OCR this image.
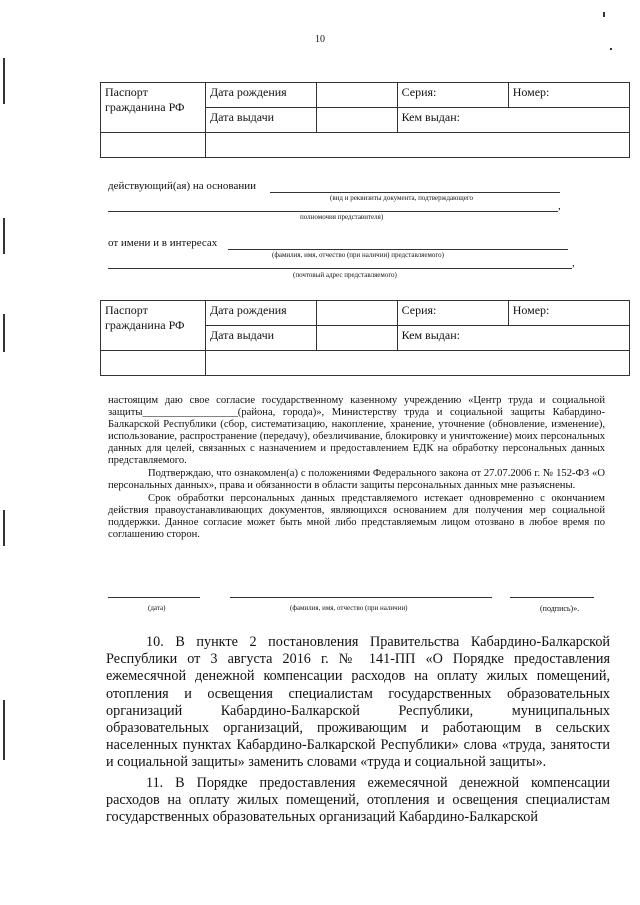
10
Паспорт гражданина РФ	Дата рождения		Серия:	Номер:
	Дата выдачи		Кем выдан:	

действующий(ая) на основании
(вид и реквизиты документа, подтверждающего
,
полномочия представителя)
от имени и в интересах
(фамилия, имя, отчество (при наличии) представляемого)
,
(почтовый адрес представляемого)
Паспорт гражданина РФ	Дата рождения		Серия:	Номер:
	Дата выдачи		Кем выдан:	

настоящим даю свое согласие государственному казенному учреждению «Центр труда и социальной защиты__________________(района, города)», Министерству труда и социальной защиты Кабардино-Балкарской Республики (сбор, систематизацию, накопление, хранение, уточнение (обновление, изменение), использование, распространение (передачу), обезличивание, блокировку и уничтожение) моих персональных данных для целей, связанных с назначением и предоставлением ЕДК на обработку персональных данных представляемого.

Подтверждаю, что ознакомлен(а) с положениями Федерального закона от 27.07.2006 г. № 152-ФЗ «О персональных данных», права и обязанности в области защиты персональных данных мне разъяснены.

Срок обработки персональных данных представляемого истекает одновременно с окончанием действия правоустанавливающих документов, являющихся основанием для получения мер социальной поддержки. Данное согласие может быть мной либо представляемым лицом отозвано в любое время по соглашению сторон.

(дата)	(фамилия, имя, отчество (при наличии)	(подпись)».

10. В пункте 2 постановления Правительства Кабардино-Балкарской Республики от 3 августа 2016 г. № 141-ПП «О Порядке предоставления ежемесячной денежной компенсации расходов на оплату жилых помещений, отопления и освещения специалистам государственных образовательных организаций Кабардино-Балкарской Республики, муниципальных образовательных организаций, проживающим и работающим в сельских населенных пунктах Кабардино-Балкарской Республики» слова «труда, занятости и социальной защиты» заменить словами «труда и социальной защиты».

11. В Порядке предоставления ежемесячной денежной компенсации расходов на оплату жилых помещений, отопления и освещения специалистам государственных образовательных организаций Кабардино-Балкарской
